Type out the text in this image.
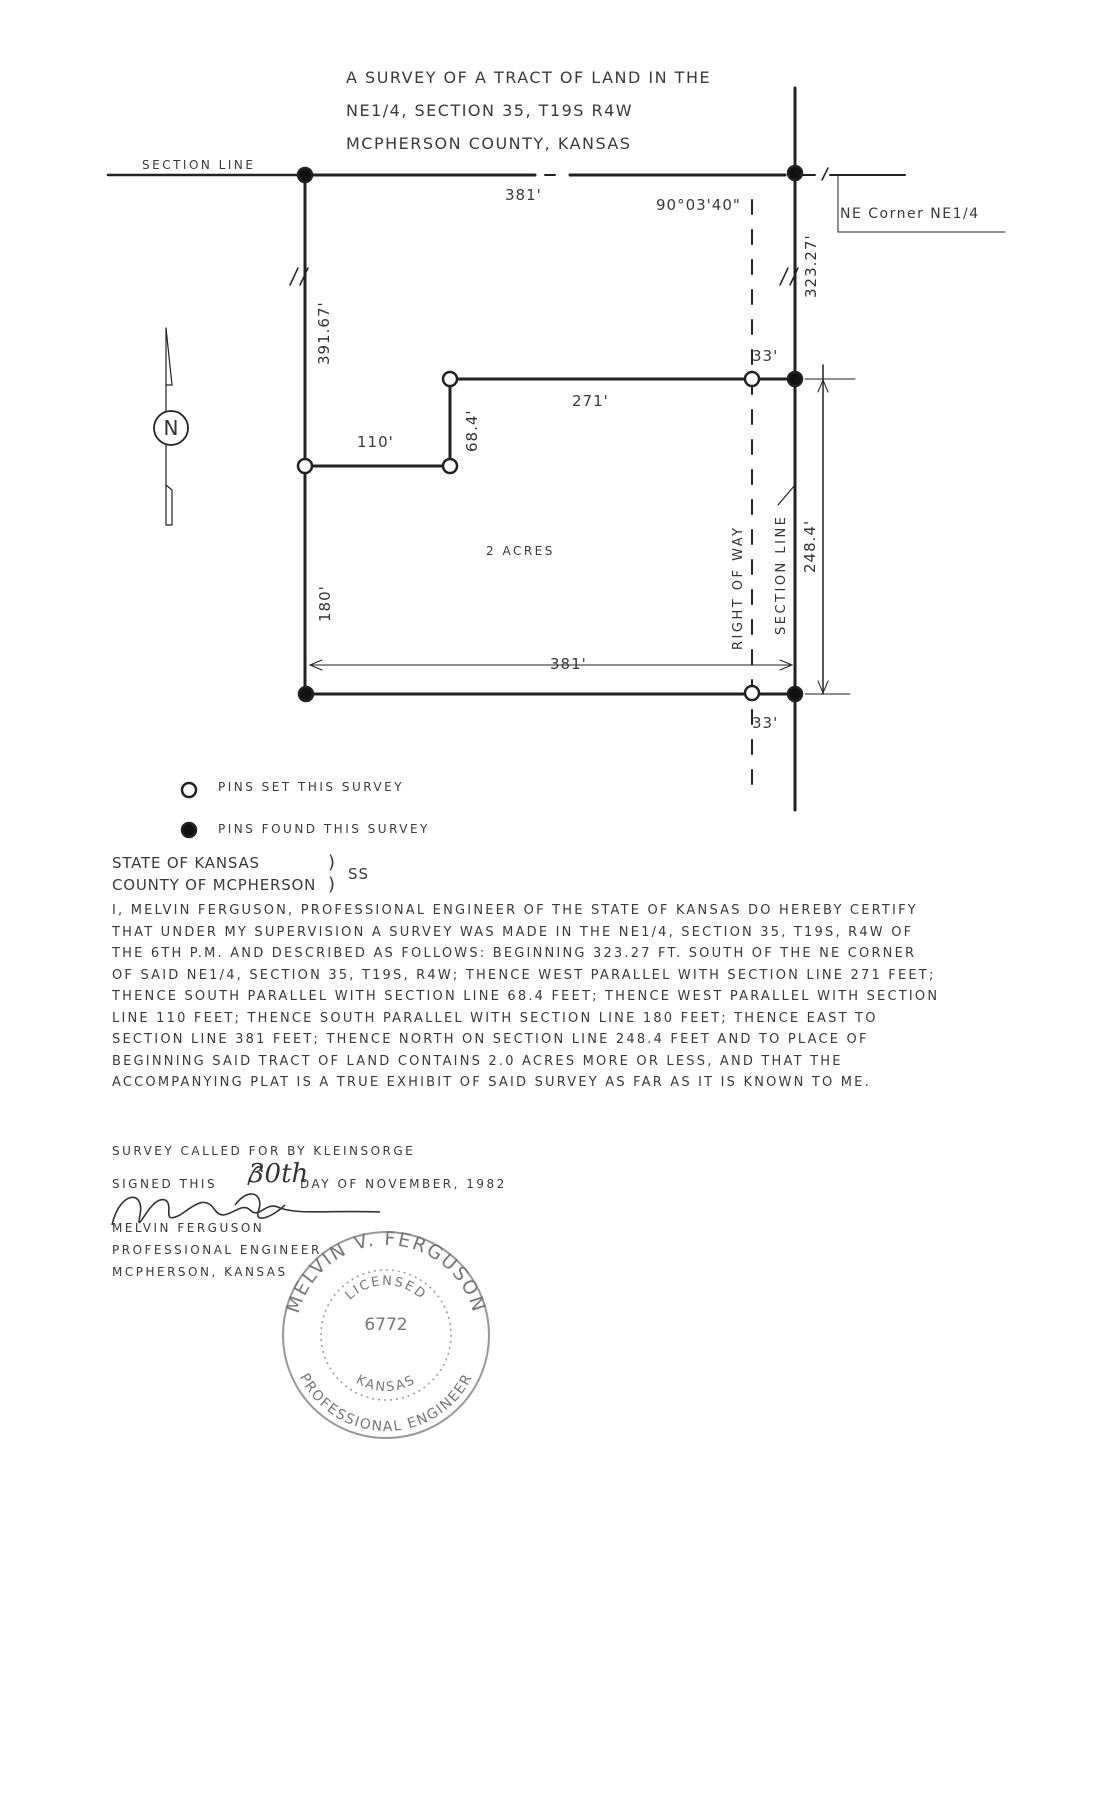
30th
MELVIN V. FERGUSON
PROFESSIONAL ENGINEER
LICENSED
KANSAS
6772
391.67'
68.4'
180'
323.27'
248.4'
RIGHT OF WAY SECTION LINE
N
A SURVEY OF A TRACT OF LAND IN THE
NE1/4, SECTION 35, T19S R4W
MCPHERSON COUNTY, KANSAS
SECTION LINE
381'
90°03'40"	NE Corner NE1/4
33'
271'
110'
2 ACRES
381'
33'
PINS SET THIS SURVEY
PINS FOUND THIS SURVEY
STATE OF KANSAS	)
COUNTY OF MCPHERSON ) SS

I, MELVIN FERGUSON, PROFESSIONAL ENGINEER OF THE STATE OF KANSAS DO HEREBY CERTIFY THAT UNDER MY SUPERVISION A SURVEY WAS MADE IN THE NE1/4, SECTION 35, T19S, R4W OF THE 6TH P.M. AND DESCRIBED AS FOLLOWS: BEGINNING 323.27 FT. SOUTH OF THE NE CORNER OF SAID NE1/4, SECTION 35, T19S, R4W; THENCE WEST PARALLEL WITH SECTION LINE 271 FEET; THENCE SOUTH PARALLEL WITH SECTION LINE 68.4 FEET; THENCE WEST PARALLEL WITH SECTION LINE 110 FEET; THENCE SOUTH PARALLEL WITH SECTION LINE 180 FEET; THENCE EAST TO SECTION LINE 381 FEET; THENCE NORTH ON SECTION LINE 248.4 FEET AND TO PLACE OF BEGINNING SAID TRACT OF LAND CONTAINS 2.0 ACRES MORE OR LESS, AND THAT THE ACCOMPANYING PLAT IS A TRUE EXHIBIT OF SAID SURVEY AS FAR AS IT IS KNOWN TO ME.

SURVEY CALLED FOR BY KLEINSORGE
SIGNED THIS	DAY OF NOVEMBER, 1982
MELVIN FERGUSON
PROFESSIONAL ENGINEER
MCPHERSON, KANSAS
